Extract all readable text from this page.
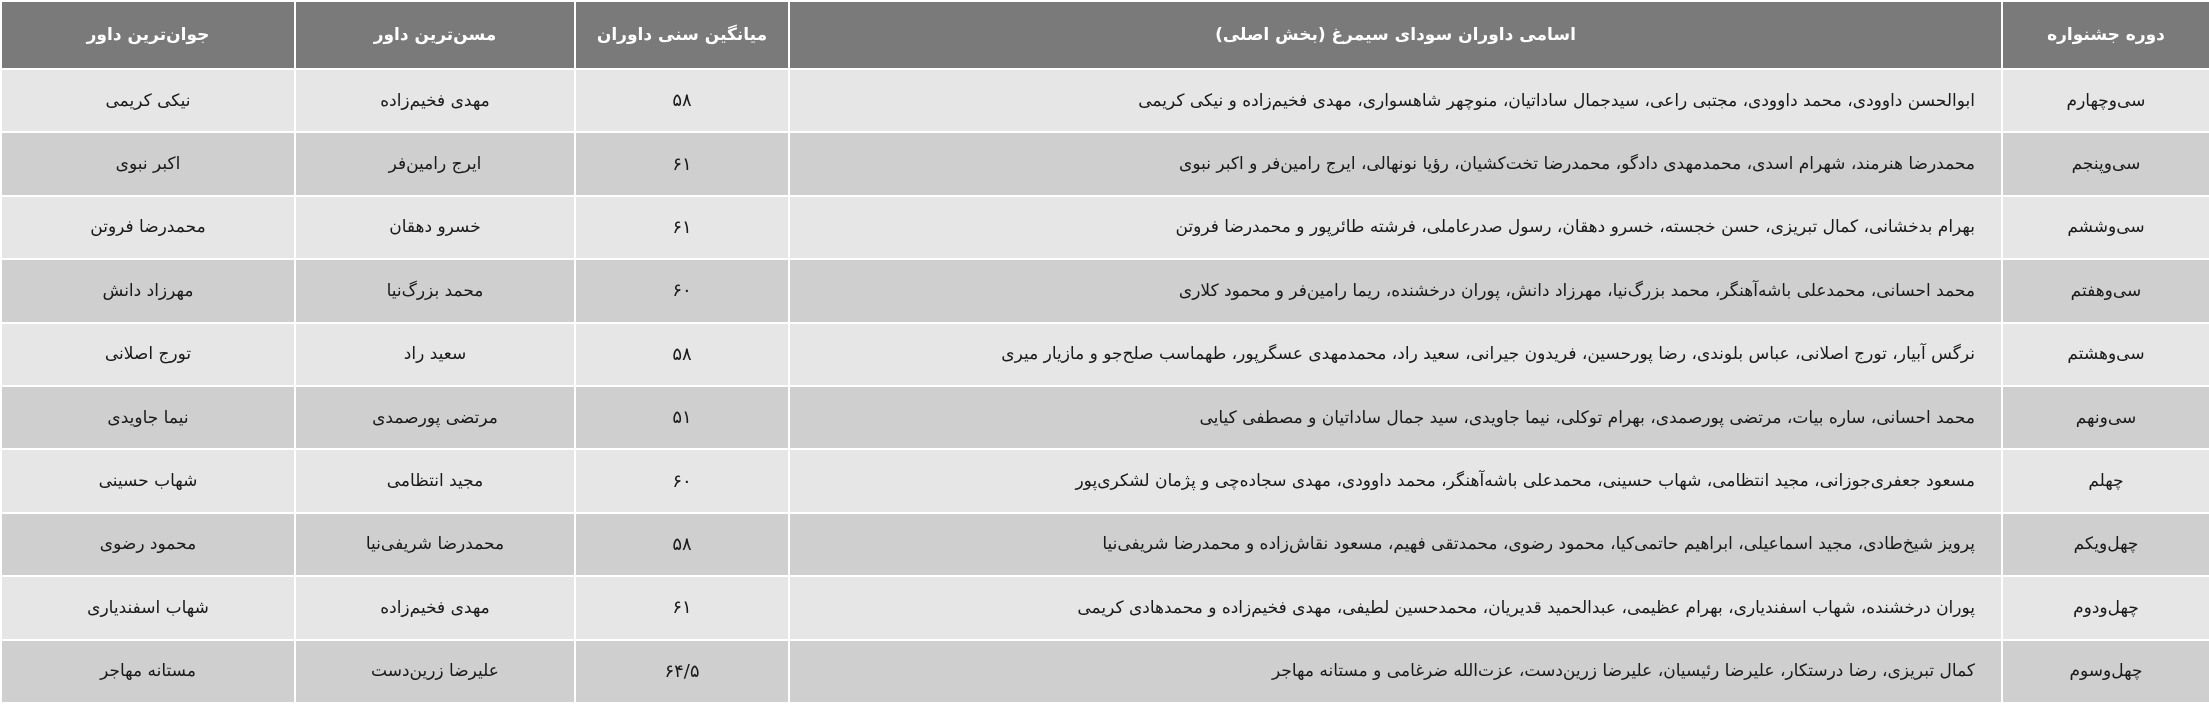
دوره جشنواره	اسامی داوران سودای سیمرغ (بخش اصلی)	میانگین سنی داوران	مسن‌ترین داور	جوان‌ترین داور
سی‌وچهارم	ابوالحسن داوودی، محمد داوودی، مجتبی راعی، سیدجمال ساداتیان، منوچهر شاهسواری، مهدی فخیم‌زاده و نیکی کریمی	۵۸	مهدی فخیم‌زاده	نیکی کریمی
سی‌وپنجم	محمدرضا هنرمند، شهرام اسدی، محمدمهدی دادگو، محمدرضا تخت‌کشیان، رؤیا نونهالی، ایرج رامین‌فر و اکبر نبوی	۶۱	ایرج رامین‌فر	اکبر نبوی
سی‌وششم	بهرام بدخشانی، کمال تبریزی، حسن خجسته، خسرو دهقان، رسول صدرعاملی، فرشته طائرپور و محمدرضا فروتن	۶۱	خسرو دهقان	محمدرضا فروتن
سی‌وهفتم	محمد احسانی، محمدعلی باشه‌آهنگر، محمد بزرگ‌نیا، مهرزاد دانش، پوران درخشنده، ریما رامین‌فر و محمود کلاری	۶۰	محمد بزرگ‌نیا	مهرزاد دانش
سی‌وهشتم	نرگس آبیار، تورج اصلانی، عباس بلوندی، رضا پورحسین، فریدون جیرانی، سعید راد، محمدمهدی عسگرپور، طهماسب صلح‌جو و مازیار میری	۵۸	سعید راد	تورج اصلانی
سی‌ونهم	محمد احسانی، ساره بیات، مرتضی پورصمدی، بهرام توکلی، نیما جاویدی، سید جمال ساداتیان و مصطفی کیایی	۵۱	مرتضی پورصمدی	نیما جاویدی
چهلم	مسعود جعفری‌جوزانی، مجید انتظامی، شهاب حسینی، محمدعلی باشه‌آهنگر، محمد داوودی، مهدی سجاده‌چی و پژمان لشکری‌پور	۶۰	مجید انتظامی	شهاب حسینی
چهل‌ویکم	پرویز شیخ‌طادی، مجید اسماعیلی، ابراهیم حاتمی‌کیا، محمود رضوی، محمدتقی فهیم، مسعود نقاش‌زاده و محمدرضا شریفی‌نیا	۵۸	محمدرضا شریفی‌نیا	محمود رضوی
چهل‌ودوم	پوران درخشنده، شهاب اسفندیاری، بهرام عظیمی، عبدالحمید قدیریان، محمدحسین لطیفی، مهدی فخیم‌زاده و محمدهادی کریمی	۶۱	مهدی فخیم‌زاده	شهاب اسفندیاری
چهل‌وسوم	کمال تبریزی، رضا درستکار، علیرضا رئیسیان، علیرضا زرین‌دست، عزت‌الله ضرغامی و مستانه مهاجر	۶۴/۵	علیرضا زرین‌دست	مستانه مهاجر
